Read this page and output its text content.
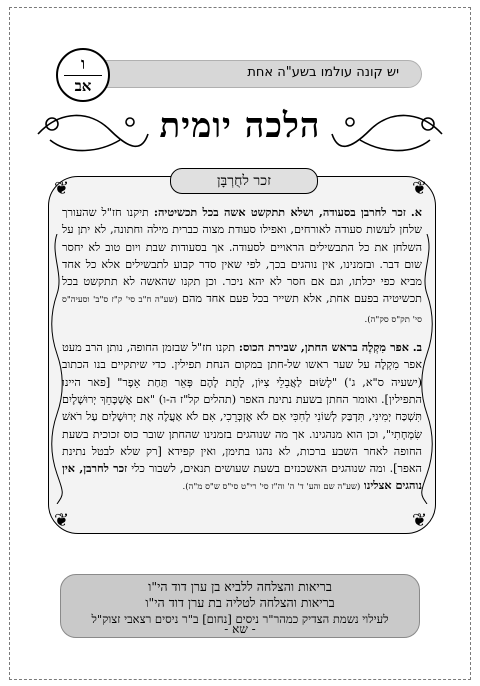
יש קונה עולמו בשע"ה אחת
ו
אב
הלכה יומית
❦	❦
❦	❦
זכר לחֻרְבָּן

א. זכר לחרבן בסעודה, ושלא תתקשט אשה בכל תכשיטיה: תיקנו חז"ל שהעורך שלחן לעשות סעודה לאורחים, ואפילו סעודת מצוה כברית מילה וחתונה, לא יתן על השלחן את כל התבשילים הראויים לסעודה. אך בסעודות שבת ויום טוב לא יחסר שום דבר. ובזמנינו, אין נוהגים בכך, לפי שאין סדר קבוע לתבשילים אלא כל אחד מביא כפי יכלתו, וגם אם חסר לא יהא ניכר. וכן תקנו שהאשה לא תתקשט בכל תכשיטיה בפעם אחת, אלא תשייר בכל פעם אחד מהם (שע"ה ח"ב סי' ק"ז ס"ב' וסעיה"ס סי' תק"ס סק"ה).

ב. אפר מִקְלֶה בראש החתן, שבירת הכוס: תקנו חז"ל שבזמן החופה, נותן הרב מעט אפר מִקְלֶה על שער ראשו של-חתן במקום הנחת תפילין. כדי שיתקיים בנו הכתוב (ישעיה ס"א, ג') "לָשׂוּם לַאֲבֵלֵי צִיּוֹן, לָתֵת לָהֶם פְּאֵר תַּחַת אֵפֶר" [פאר היינו התפילין]. ואומר החתן בשעת נתינת האפר (תהלים קל"ז ה-ו) "אם אֶשְׁכָּחֵךְ יְרוּשָׁלָיִם תִּשְׁכַּח יְמִינִי, תִּדְבַּק לְשׁוֹנִי לְחִכִּי אִם לֹא אֶזְכְּרֵכִי, אִם לֹא אַעֲלֶה אֶת יְרוּשָׁלַיִם עַל רֹאשׁ שִׂמְחָתִי", וכן הוא מנהגינו. אך מה שנוהגים בזמנינו שהחתן שובר כוס זכוכית בשעת החופה לאחר השבע ברכות, לא נהגו בתימן, ואין קפידא [רק שלא לבטל נתינת האפר]. ומה שנוהגים האשכנזים בשעת שעושים תנאים, לשבור כלי זכר לחרבן, אין נוהגים אצלינו (שע"ה שם והע' ד' ה' וה"ז סי' רי"ט סי"ס ש"ס מ"ה).

בריאות והצלחה ללביא בן ערן דוד הי"ו
בריאות והצלחה לטליה בת ערן דוד הי"ו
לעילוי נשמת הצדיק כמהר"ר ניסים [נחום] ב"ר ניסים רצאבי זצוק"ל
- שא -
